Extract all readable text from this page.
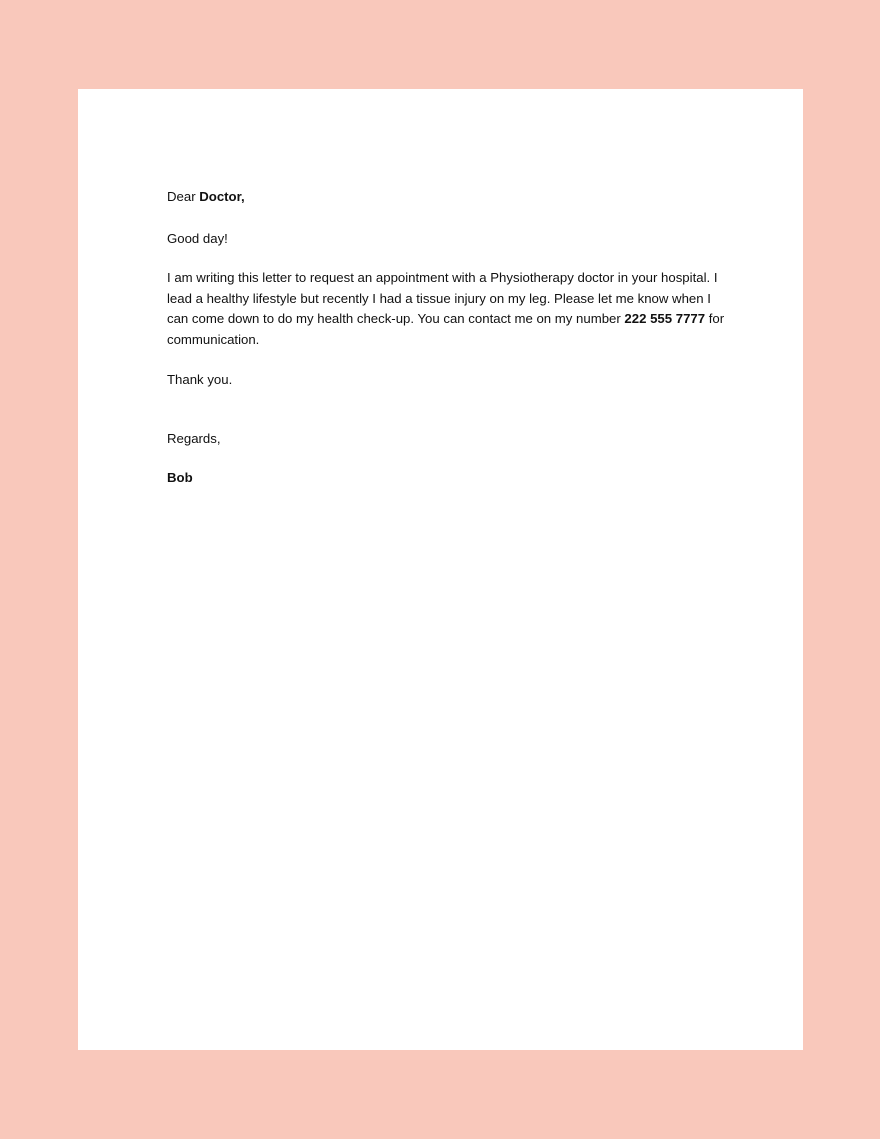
Dear Doctor,

Good day!

I am writing this letter to request an appointment with a Physiotherapy doctor in your hospital. I lead a healthy lifestyle but recently I had a tissue injury on my leg. Please let me know when I can come down to do my health check-up. You can contact me on my number 222 555 7777 for communication.

Thank you.

Regards,

Bob
